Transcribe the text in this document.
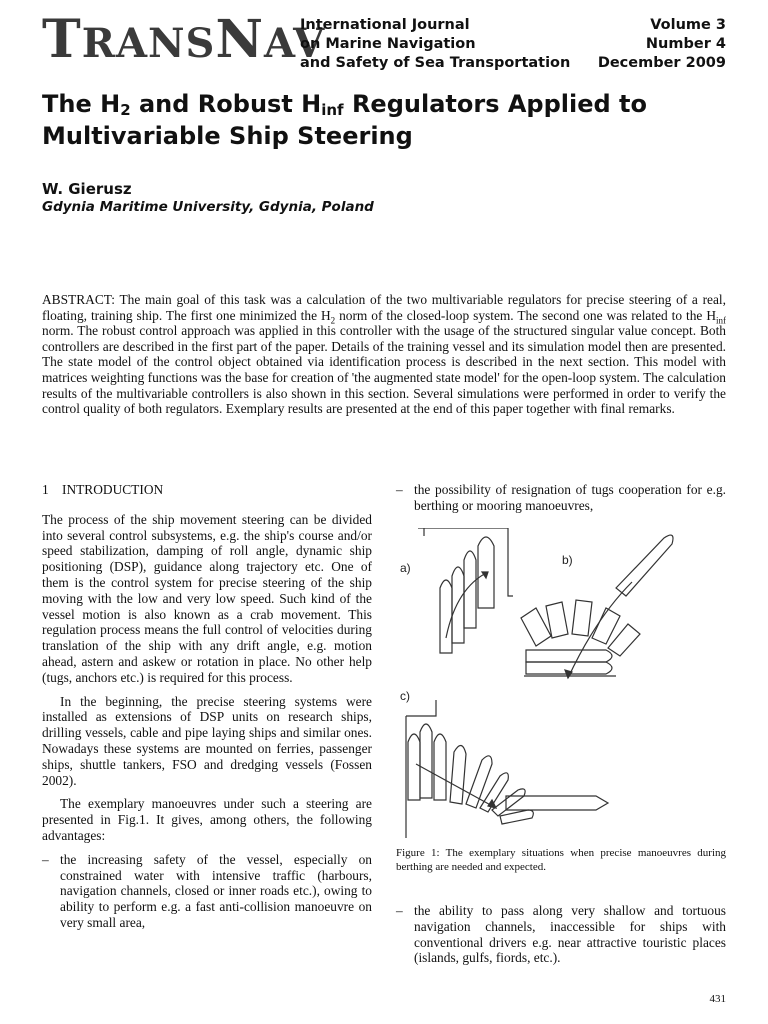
TRANSNAV
International Journal
on Marine Navigation
and Safety of Sea Transportation
Volume 3
Number 4
December 2009
The $H_2$ and Robust $H_{inf}$ Regulators Applied to Multivariable Ship Steering
W. Gierusz
Gdynia Maritime University, Gdynia, Poland
ABSTRACT: The main goal of this task was a calculation of the two multivariable regulators for precise steering of a real, floating, training ship. The first one minimized the $H_2$ norm of the closed-loop system. The second one was related to the $H_{inf}$ norm. The robust control approach was applied in this controller with the usage of the structured singular value concept. Both controllers are described in the first part of the paper. Details of the training vessel and its simulation model then are presented. The state model of the control object obtained via identification process is described in the next section. This model with matrices weighting functions was the base for creation of 'the augmented state model' for the open-loop system. The calculation results of the multivariable controllers is also shown in this section. Several simulations were performed in order to verify the control quality of both regulators. Exemplary results are presented at the end of this paper together with final remarks.
1 INTRODUCTION

The process of the ship movement steering can be divided into several control subsystems, e.g. the ship's course and/or speed stabilization, damping of roll angle, dynamic ship positioning (DSP), guidance along trajectory etc. One of them is the control system for precise steering of the ship moving with the low and very low speed. Such kind of the vessel motion is also known as a crab movement. This regulation process means the full control of velocities during translation of the ship with any drift angle, e.g. motion ahead, astern and askew or rotation in place. No other help (tugs, anchors etc.) is required for this process.

In the beginning, the precise steering systems were installed as extensions of DSP units on research ships, drilling vessels, cable and pipe laying ships and similar ones. Nowadays these systems are mounted on ferries, passenger ships, shuttle tankers, FSO and dredging vessels (Fossen 2002).

The exemplary manoeuvres under such a steering are presented in Fig.1. It gives, among others, the following advantages:

– the increasing safety of the vessel, especially on constrained water with intensive traffic (harbours, navigation channels, closed or inner roads etc.), owing to ability to perform e.g. a fast anti-collision manoeuvre on very small area,
– the possibility of resignation of tugs cooperation for e.g. berthing or mooring manoeuvres,
a)
b)
c)
Figure 1: The exemplary situations when precise manoeuvres during berthing are needed and expected.
– the ability to pass along very shallow and tortuous navigation channels, inaccessible for ships with conventional drivers e.g. near attractive touristic places (islands, gulfs, fiords, etc.).
431
